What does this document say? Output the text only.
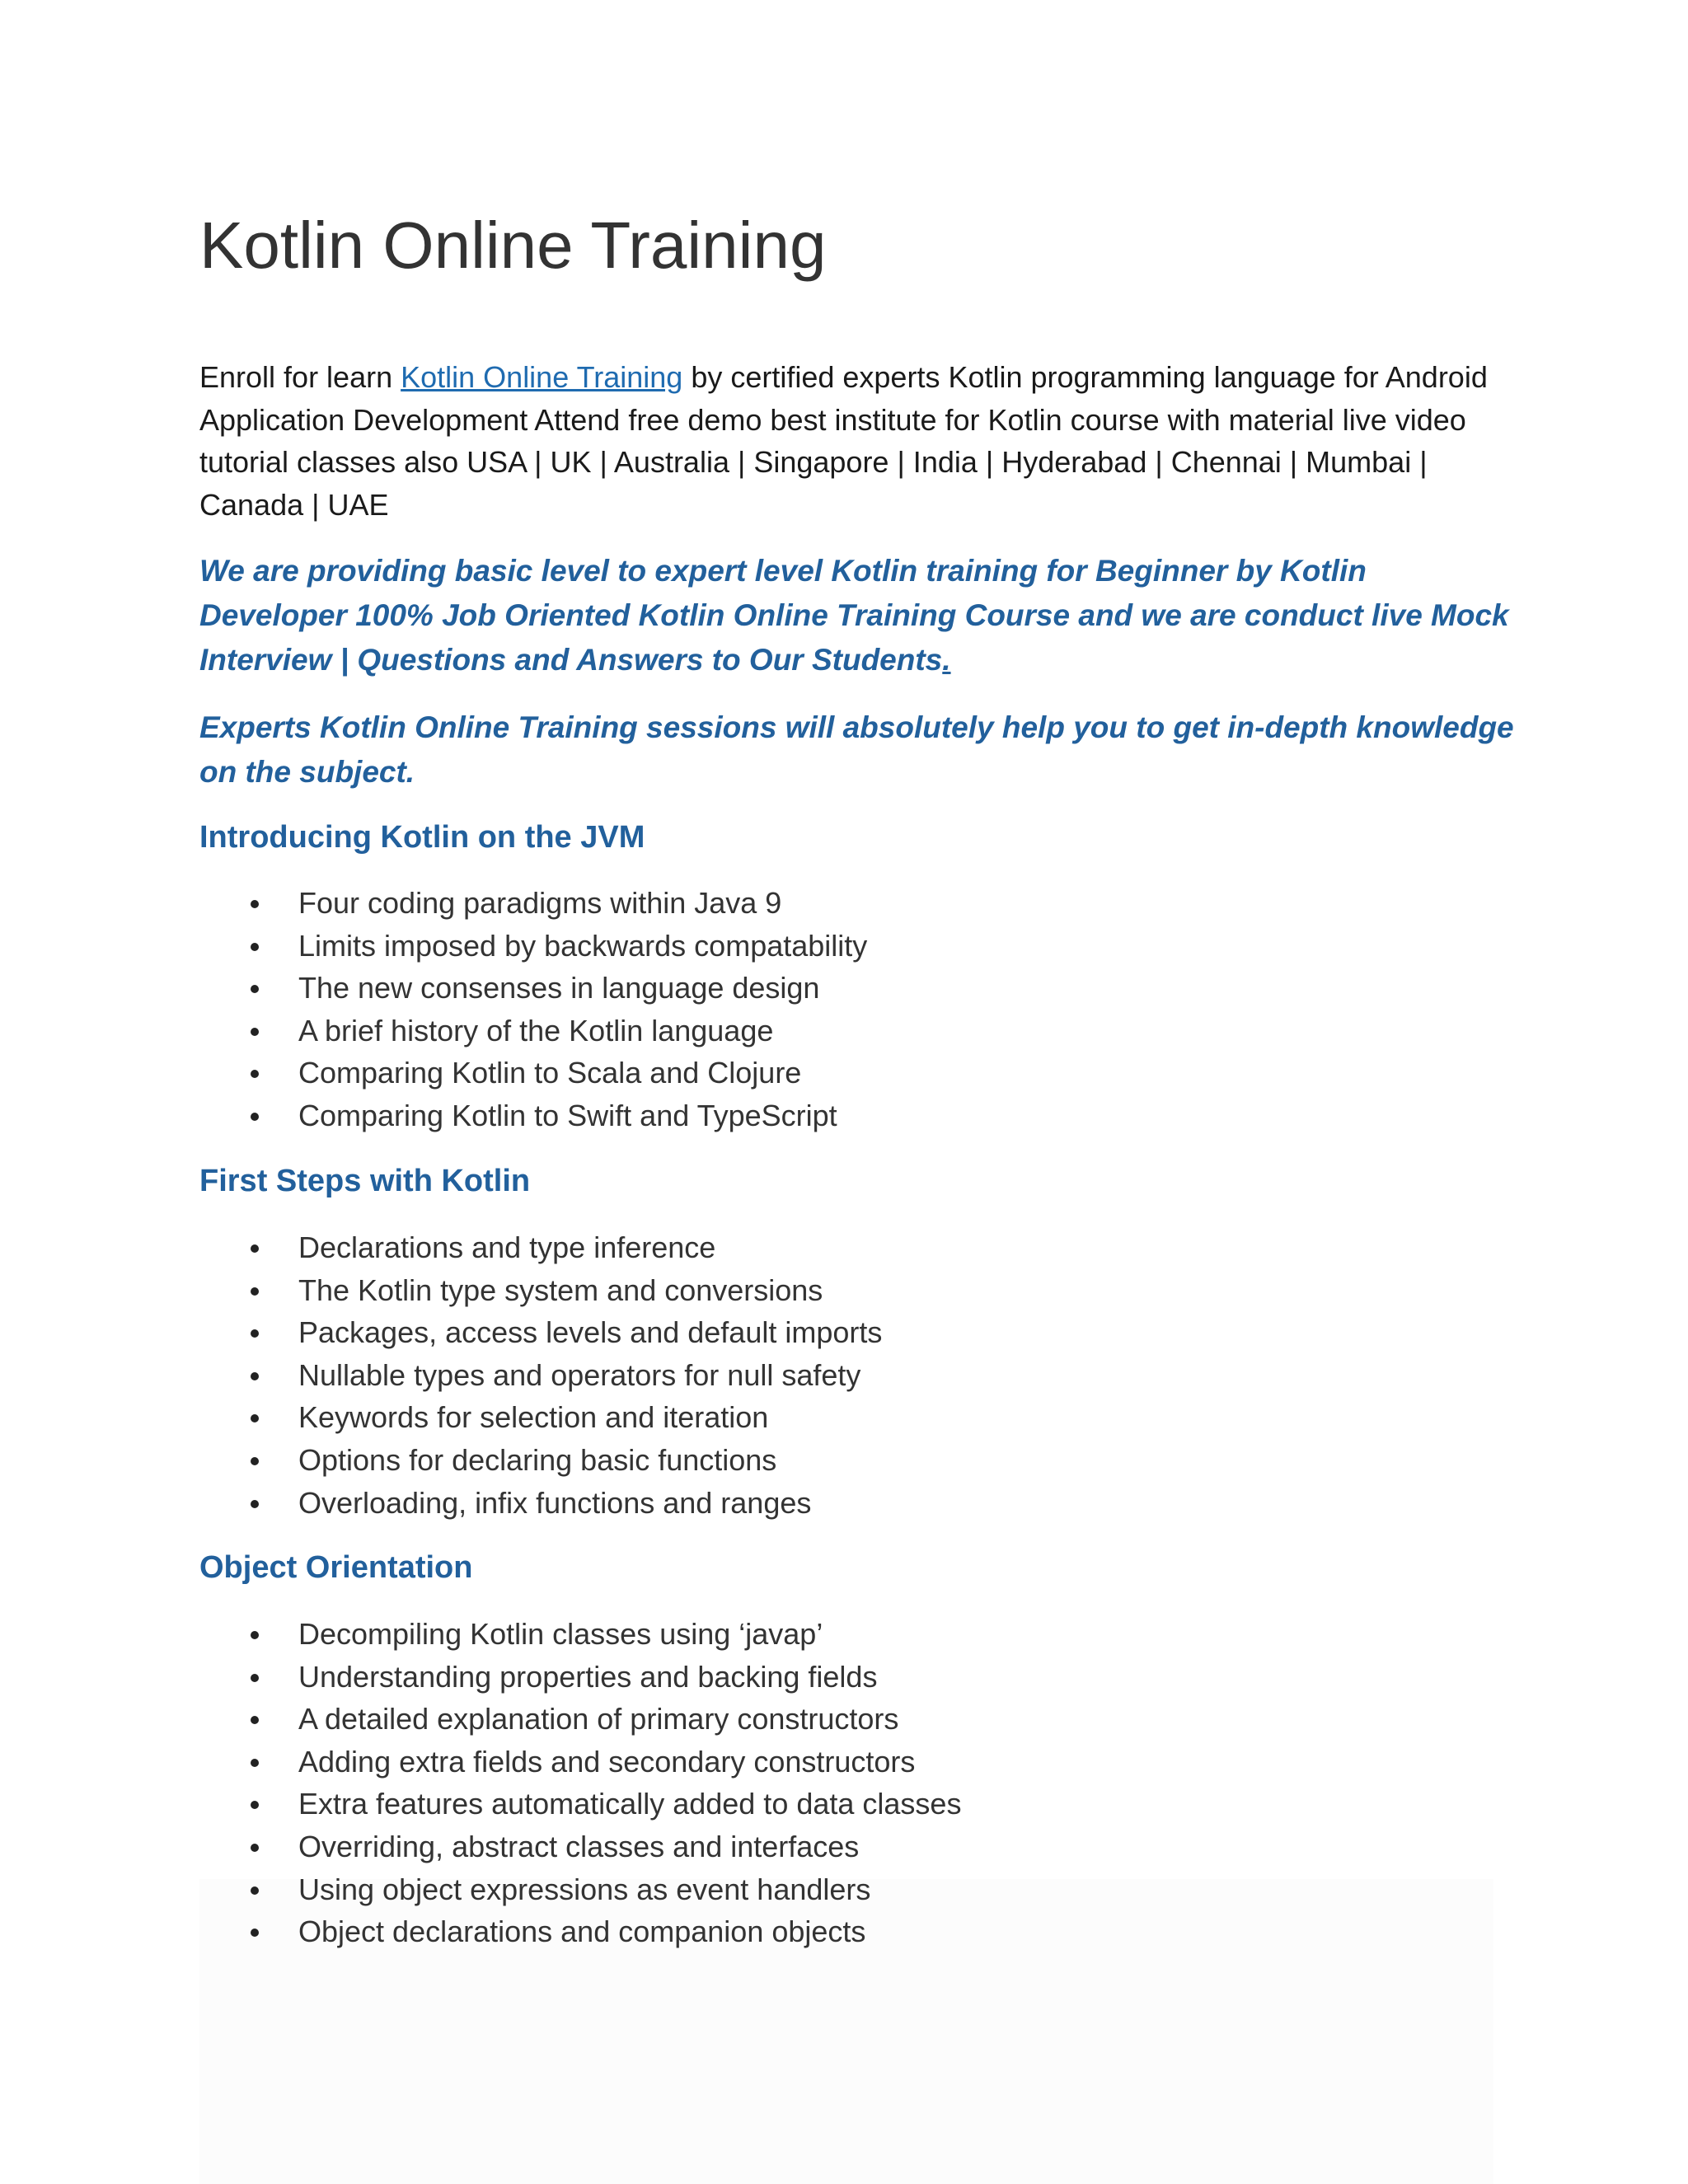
Kotlin Online Training

Enroll for learn Kotlin Online Training by certified experts Kotlin programming language for Android Application Development Attend free demo best institute for Kotlin course with material live video tutorial classes also USA | UK | Australia | Singapore | India | Hyderabad | Chennai | Mumbai | Canada | UAE

We are providing basic level to expert level Kotlin training for Beginner by Kotlin Developer 100% Job Oriented Kotlin Online Training Course and we are conduct live Mock Interview | Questions and Answers to Our Students.

Experts Kotlin Online Training sessions will absolutely help you to get in-depth knowledge on the subject.

Introducing Kotlin on the JVM
Four coding paradigms within Java 9
Limits imposed by backwards compatability
The new consenses in language design
A brief history of the Kotlin language
Comparing Kotlin to Scala and Clojure
Comparing Kotlin to Swift and TypeScript
First Steps with Kotlin
Declarations and type inference
The Kotlin type system and conversions
Packages, access levels and default imports
Nullable types and operators for null safety
Keywords for selection and iteration
Options for declaring basic functions
Overloading, infix functions and ranges
Object Orientation
Decompiling Kotlin classes using ‘javap’
Understanding properties and backing fields
A detailed explanation of primary constructors
Adding extra fields and secondary constructors
Extra features automatically added to data classes
Overriding, abstract classes and interfaces
Using object expressions as event handlers
Object declarations and companion objects
